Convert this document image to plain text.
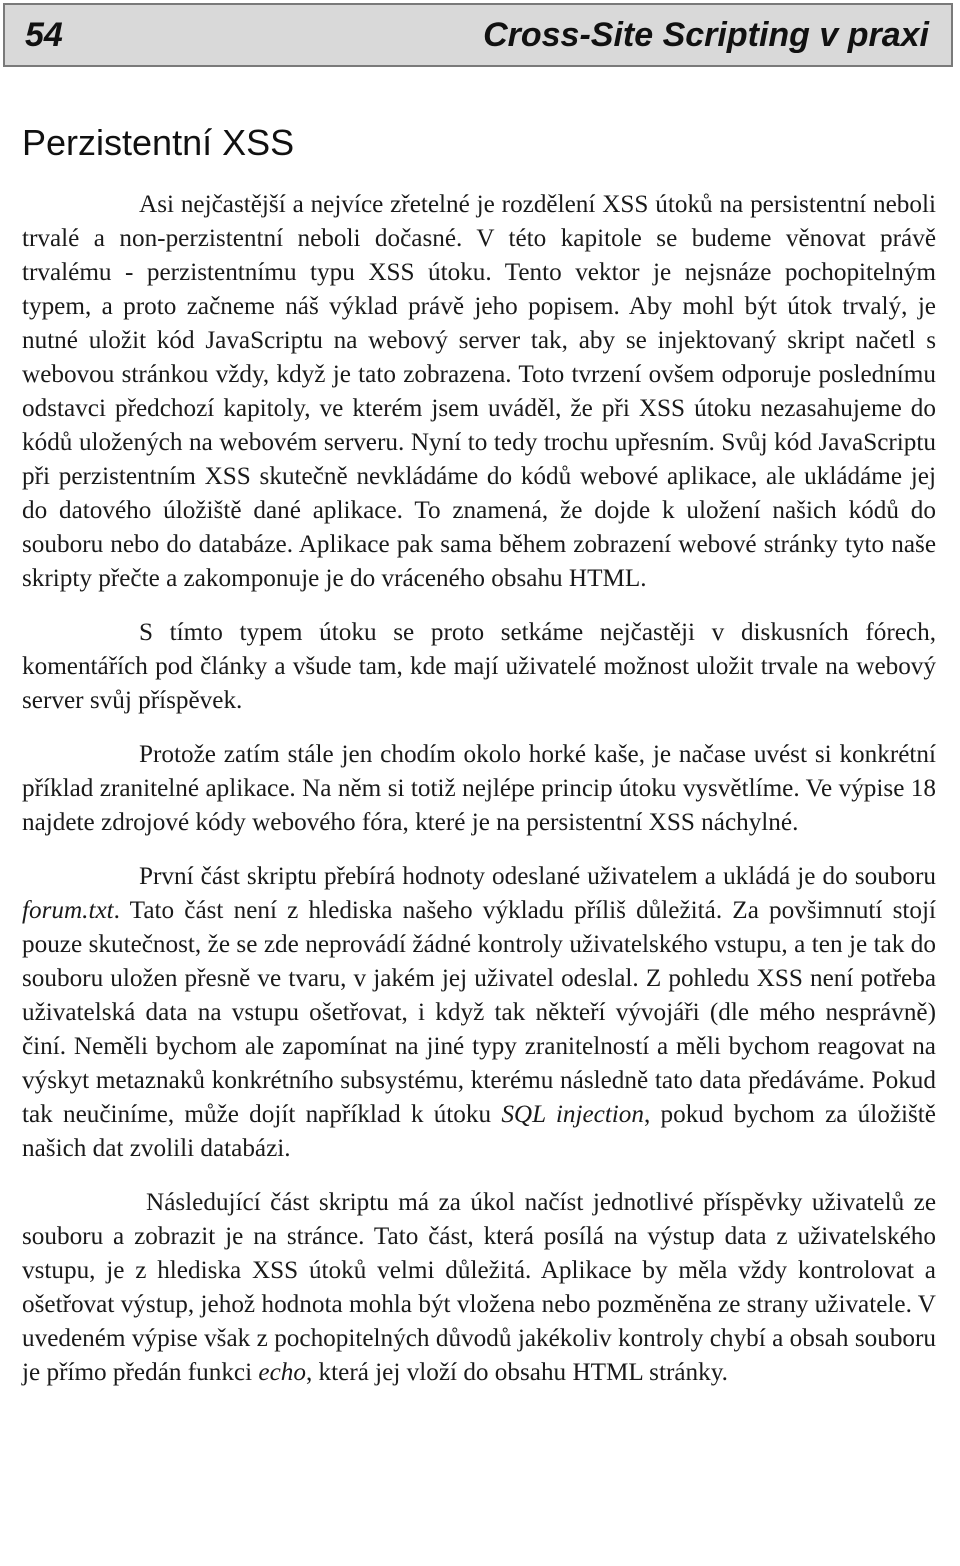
54	Cross-Site Scripting v praxi
Perzistentní XSS

Asi nejčastější a nejvíce zřetelné je rozdělení XSS útoků na persistentní neboli trvalé a non-perzistentní neboli dočasné. V této kapitole se budeme věnovat právě trvalému - perzistentnímu typu XSS útoku. Tento vektor je nejsnáze pochopitelným typem, a proto začneme náš výklad právě jeho popisem. Aby mohl být útok trvalý, je nutné uložit kód JavaScriptu na webový server tak, aby se injektovaný skript načetl s webovou stránkou vždy, když je tato zobrazena. Toto tvrzení ovšem odporuje poslednímu odstavci předchozí kapitoly, ve kterém jsem uváděl, že při XSS útoku nezasahujeme do kódů uložených na webovém serveru. Nyní to tedy trochu upřesním. Svůj kód JavaScriptu při perzistentním XSS skutečně nevkládáme do kódů webové aplikace, ale ukládáme jej do datového úložiště dané aplikace. To znamená, že dojde k uložení našich kódů do souboru nebo do databáze. Aplikace pak sama během zobrazení webové stránky tyto naše skripty přečte a zakomponuje je do vráceného obsahu HTML.

S tímto typem útoku se proto setkáme nejčastěji v diskusních fórech, komentářích pod články a všude tam, kde mají uživatelé možnost uložit trvale na webový server svůj příspěvek.

Protože zatím stále jen chodím okolo horké kaše, je načase uvést si konkrétní příklad zranitelné aplikace. Na něm si totiž nejlépe princip útoku vysvětlíme. Ve výpise 18 najdete zdrojové kódy webového fóra, které je na persistentní XSS náchylné.

První část skriptu přebírá hodnoty odeslané uživatelem a ukládá je do souboru forum.txt. Tato část není z hlediska našeho výkladu příliš důležitá. Za povšimnutí stojí pouze skutečnost, že se zde neprovádí žádné kontroly uživatelského vstupu, a ten je tak do souboru uložen přesně ve tvaru, v jakém jej uživatel odeslal. Z pohledu XSS není potřeba uživatelská data na vstupu ošetřovat, i když tak někteří vývojáři (dle mého nesprávně) činí. Neměli bychom ale zapomínat na jiné typy zranitelností a měli bychom reagovat na výskyt metaznaků konkrétního subsystému, kterému následně tato data předáváme. Pokud tak neučiníme, může dojít například k útoku SQL injection, pokud bychom za úložiště našich dat zvolili databázi.

Následující část skriptu má za úkol načíst jednotlivé příspěvky uživatelů ze souboru a zobrazit je na stránce. Tato část, která posílá na výstup data z uživatelského vstupu, je z hlediska XSS útoků velmi důležitá. Aplikace by měla vždy kontrolovat a ošetřovat výstup, jehož hodnota mohla být vložena nebo pozměněna ze strany uživatele. V uvedeném výpise však z pochopitelných důvodů jakékoliv kontroly chybí a obsah souboru je přímo předán funkci echo, která jej vloží do obsahu HTML stránky.
